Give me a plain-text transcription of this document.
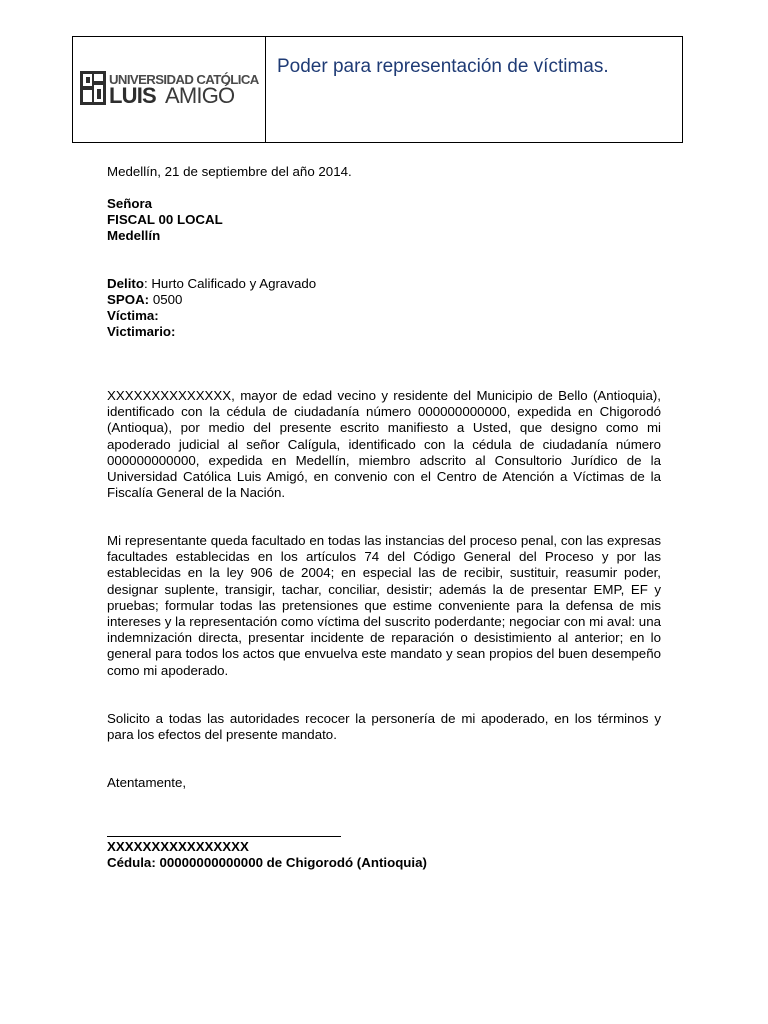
UNIVERSIDAD CATÓLICA
LUIS AMIGÓ
Poder para representación de víctimas.
Medellín, 21 de septiembre del año 2014.
Señora
FISCAL 00 LOCAL
Medellín
Delito: Hurto Calificado y Agravado
SPOA: 0500
Víctima:
Victimario:
XXXXXXXXXXXXXX, mayor de edad vecino y residente del Municipio de Bello (Antioquia), identificado con la cédula de ciudadanía número 000000000000, expedida en Chigorodó (Antioqua), por medio del presente escrito manifiesto a Usted, que designo como mi apoderado judicial al señor Calígula, identificado con la cédula de ciudadanía número 000000000000, expedida en Medellín, miembro adscrito al Consultorio Jurídico de la Universidad Católica Luis Amigó, en convenio con el Centro de Atención a Víctimas de la Fiscalía General de la Nación.
Mi representante queda facultado en todas las instancias del proceso penal, con las expresas facultades establecidas en los artículos 74 del Código General del Proceso y por las establecidas en la ley 906 de 2004; en especial las de recibir, sustituir, reasumir poder, designar suplente, transigir, tachar, conciliar, desistir; además la de presentar EMP, EF y pruebas; formular todas las pretensiones que estime conveniente para la defensa de mis intereses y la representación como víctima del suscrito poderdante; negociar con mi aval: una indemnización directa, presentar incidente de reparación o desistimiento al anterior; en lo general para todos los actos que envuelva este mandato y sean propios del buen desempeño como mi apoderado.
Solicito a todas las autoridades recocer la personería de mi apoderado, en los términos y para los efectos del presente mandato.
Atentamente,
XXXXXXXXXXXXXXXX
Cédula: 00000000000000 de Chigorodó (Antioquia)
